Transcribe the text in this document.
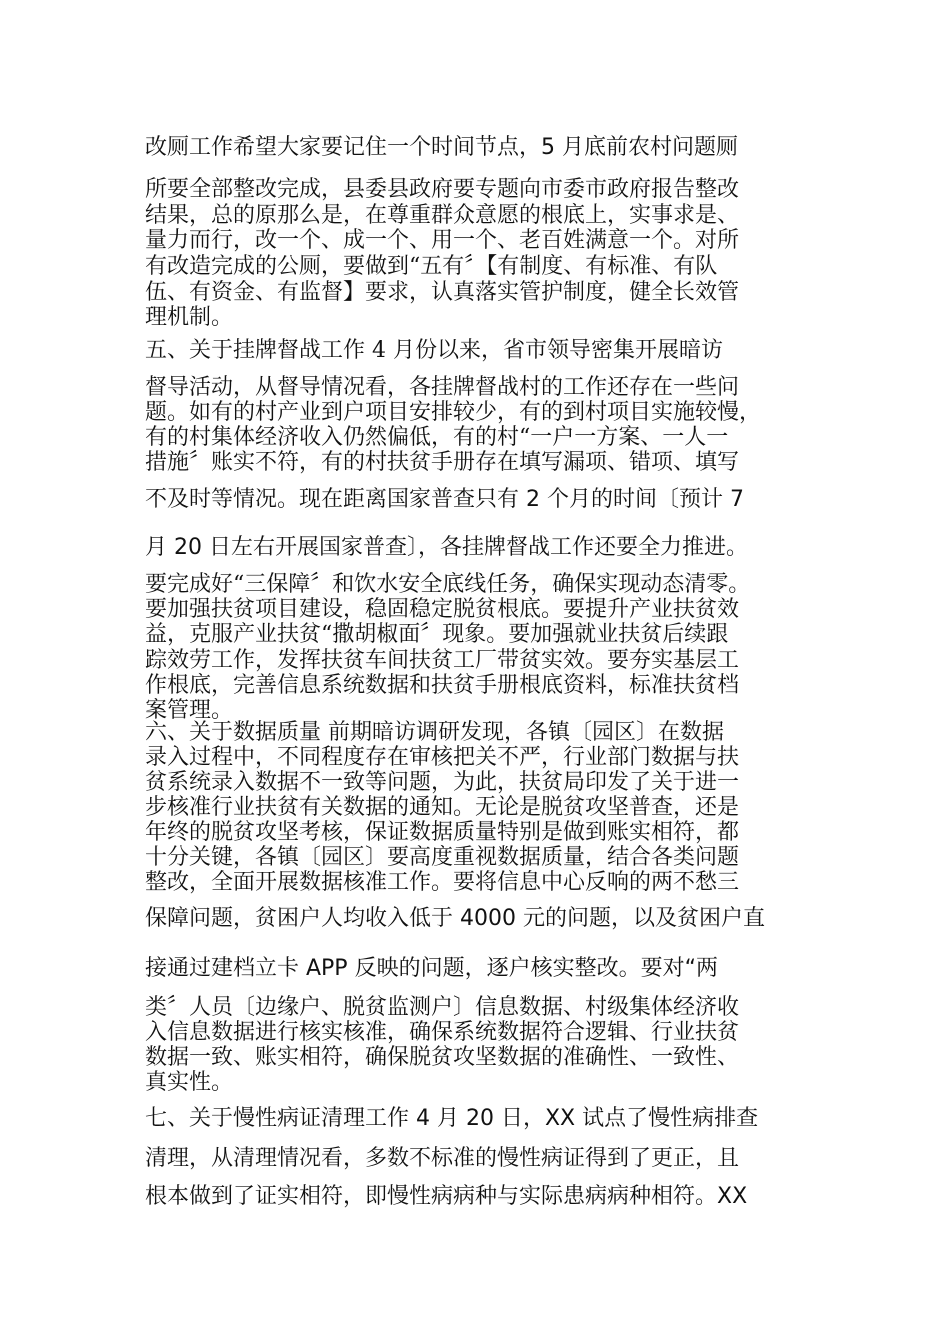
改厕工作希望大家要记住一个时间节点，5 月底前农村问题厕
所要全部整改完成，县委县政府要专题向市委市政府报告整改
结果，总的原那么是，在尊重群众意愿的根底上，实事求是、
量力而行，改一个、成一个、用一个、老百姓满意一个。对所
有改造完成的公厕，要做到“五有〞【有制度、有标准、有队
伍、有资金、有监督】要求，认真落实管护制度，健全长效管
理机制。
五、关于挂牌督战工作 4 月份以来，省市领导密集开展暗访
督导活动，从督导情况看，各挂牌督战村的工作还存在一些问
题。如有的村产业到户项目安排较少，有的到村项目实施较慢，
有的村集体经济收入仍然偏低，有的村“一户一方案、一人一
措施〞账实不符，有的村扶贫手册存在填写漏项、错项、填写
不及时等情况。现在距离国家普查只有 2 个月的时间〔预计 7
月 20 日左右开展国家普查〕，各挂牌督战工作还要全力推进。
要完成好“三保障〞和饮水安全底线任务，确保实现动态清零。
要加强扶贫项目建设，稳固稳定脱贫根底。要提升产业扶贫效
益，克服产业扶贫“撒胡椒面〞现象。要加强就业扶贫后续跟
踪效劳工作，发挥扶贫车间扶贫工厂带贫实效。要夯实基层工
作根底，完善信息系统数据和扶贫手册根底资料，标准扶贫档
案管理。
六、关于数据质量 前期暗访调研发现，各镇〔园区〕在数据
录入过程中，不同程度存在审核把关不严，行业部门数据与扶
贫系统录入数据不一致等问题，为此，扶贫局印发了关于进一
步核准行业扶贫有关数据的通知。无论是脱贫攻坚普查，还是
年终的脱贫攻坚考核，保证数据质量特别是做到账实相符，都
十分关键，各镇〔园区〕要高度重视数据质量，结合各类问题
整改，全面开展数据核准工作。要将信息中心反响的两不愁三
保障问题，贫困户人均收入低于 4000 元的问题，以及贫困户直
接通过建档立卡 APP 反映的问题，逐户核实整改。要对“两
类〞人员〔边缘户、脱贫监测户〕信息数据、村级集体经济收
入信息数据进行核实核准，确保系统数据符合逻辑、行业扶贫
数据一致、账实相符，确保脱贫攻坚数据的准确性、一致性、
真实性。
七、关于慢性病证清理工作 4 月 20 日，XX 试点了慢性病排查
清理，从清理情况看，多数不标准的慢性病证得到了更正，且
根本做到了证实相符，即慢性病病种与实际患病病种相符。XX
